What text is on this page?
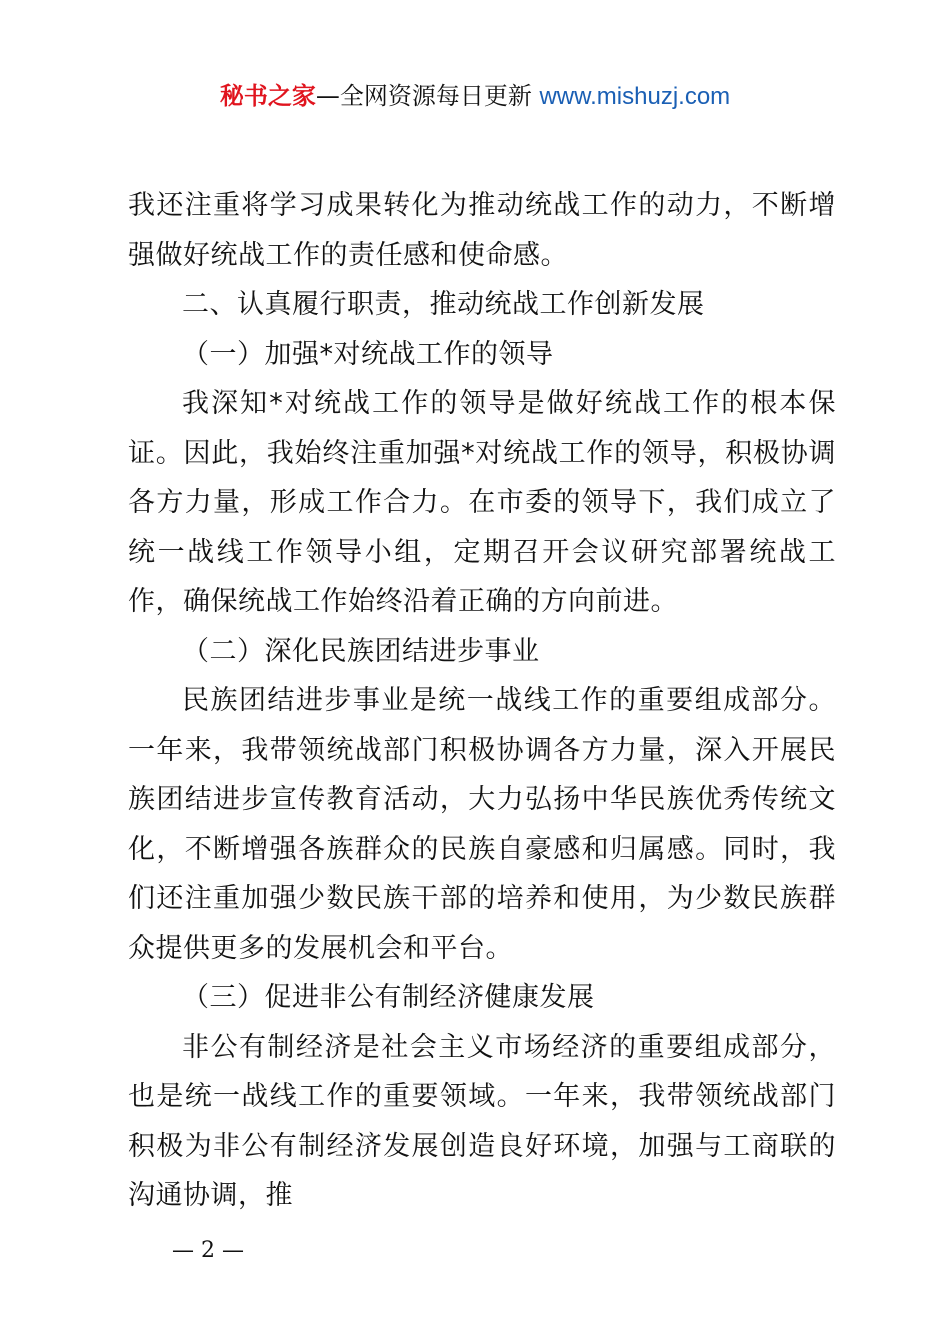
秘书之家—全网资源每日更新 www.mishuzj.com

我还注重将学习成果转化为推动统战工作的动力，不断增强做好统战工作的责任感和使命感。

二、认真履行职责，推动统战工作创新发展

（一）加强*对统战工作的领导

我深知*对统战工作的领导是做好统战工作的根本保证。因此，我始终注重加强*对统战工作的领导，积极协调各方力量，形成工作合力。在市委的领导下，我们成立了统一战线工作领导小组，定期召开会议研究部署统战工作，确保统战工作始终沿着正确的方向前进。

（二）深化民族团结进步事业

民族团结进步事业是统一战线工作的重要组成部分。一年来，我带领统战部门积极协调各方力量，深入开展民族团结进步宣传教育活动，大力弘扬中华民族优秀传统文化，不断增强各族群众的民族自豪感和归属感。同时，我们还注重加强少数民族干部的培养和使用，为少数民族群众提供更多的发展机会和平台。

（三）促进非公有制经济健康发展

非公有制经济是社会主义市场经济的重要组成部分，也是统一战线工作的重要领域。一年来，我带领统战部门积极为非公有制经济发展创造良好环境，加强与工商联的沟通协调，推

— 2 —
